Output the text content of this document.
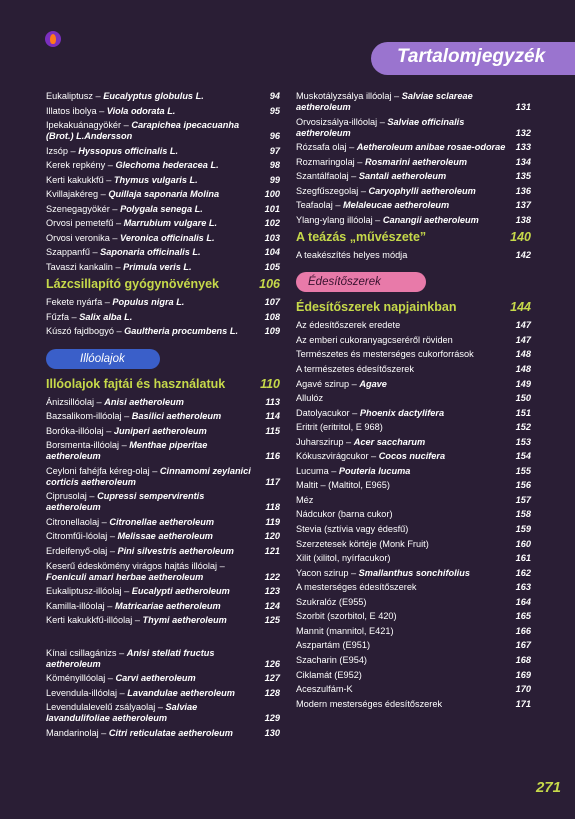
Tartalomjegyzék
Eukaliptusz – Eucalyptus globulus L.	94
Illatos ibolya – Viola odorata L.	95
Ipekakuánagyökér – Carapichea ipecacuanha (Brot.) L.Andersson	96
Izsóp – Hyssopus officinalis L.	97
Kerek repkény – Glechoma hederacea L.	98
Kerti kakukkfű – Thymus vulgaris L.	99
Kvillajakéreg – Quillaja saponaria Molina	100
Szenegagyökér – Polygala senega L.	101
Orvosi pemetefű – Marrubium vulgare L.	102
Orvosi veronika – Veronica officinalis L.	103
Szappanfű – Saponaria officinalis L.	104
Tavaszi kankalin – Primula veris L.	105
Lázcsillapító gyógynövények	106
Fekete nyárfa – Populus nigra L.	107
Fűzfa – Salix alba L.	108
Kúszó fajdbogyó – Gaultheria procumbens L.	109
Illóolajok
Illóolajok fajtái és használatuk	110
Ánizsillóolaj – Anisi aetheroleum	113
Bazsalikom-illóolaj – Basilici aetheroleum	114
Boróka-illóolaj – Juniperi aetheroleum	115
Borsmenta-illóolaj – Menthae piperitae aetheroleum	116
Ceyloni fahéjfa kéreg-olaj – Cinnamomi zeylanici corticis aetheroleum	117
Ciprusolaj – Cupressi sempervirentis aetheroleum	118
Citronellaolaj – Citronellae aetheroleum	119
Citromfűi-lóolaj – Melissae aetheroleum	120
Erdeifenyő-olaj – Pini silvestris aetheroleum	121
Keserű édeskömény virágos hajtás illóolaj – Foeniculi amari herbae aetheroleum	122
Eukaliptusz-illóolaj – Eucalypti aetheroleum	123
Kamilla-illóolaj – Matricariae aetheroleum	124
Kerti kakukkfű-illóolaj – Thymi aetheroleum	125
Kínai csillagánizs – Anisi stellati fructus aetheroleum	126
Köményillóolaj – Carvi aetheroleum	127
Levendula-illóolaj – Lavandulae aetheroleum	128
Levendulalevelű zsályaolaj – Salviae lavandulifoliae aetheroleum	129
Mandarinolaj – Citri reticulatae aetheroleum	130
Muskotályzsálya illóolaj – Salviae sclareae aetheroleum	131
Orvosizsálya-illóolaj – Salviae officinalis aetheroleum	132
Rózsafa olaj – Aetheroleum anibae rosae-odorae	133
Rozmaringolaj – Rosmarini aetheroleum	134
Szantálfaolaj – Santali aetheroleum	135
Szegfűszegolaj – Caryophylli aetheroleum	136
Teafaolaj – Melaleucae aetheroleum	137
Ylang-ylang illóolaj – Canangii aetheroleum	138
A teázás „művészete”	140
A teakészítés helyes módja	142
Édesítőszerek
Édesítőszerek napjainkban	144
Az édesítőszerek eredete	147
Az emberi cukoranyagcseréről röviden	147
Természetes és mesterséges cukorforrások	148
A természetes édesítőszerek	148
Agavé szirup – Agave	149
Allulóz	150
Datolyacukor – Phoenix dactylifera	151
Eritrit (eritritol, E 968)	152
Juharszirup – Acer saccharum	153
Kókuszvirágcukor – Cocos nucifera	154
Lucuma – Pouteria lucuma	155
Maltit – (Maltitol, E965)	156
Méz	157
Nádcukor (barna cukor)	158
Stevia (sztívia vagy édesfű)	159
Szerzetesek körtéje (Monk Fruit)	160
Xilit (xilitol, nyírfacukor)	161
Yacon szirup – Smallanthus sonchifolius	162
A mesterséges édesítőszerek	163
Szukralóz (E955)	164
Szorbit (szorbitol, E 420)	165
Mannit (mannitol, E421)	166
Aszpartám (E951)	167
Szacharin (E954)	168
Ciklamát (E952)	169
Aceszulfám-K	170
Modern mesterséges édesítőszerek	171
271
